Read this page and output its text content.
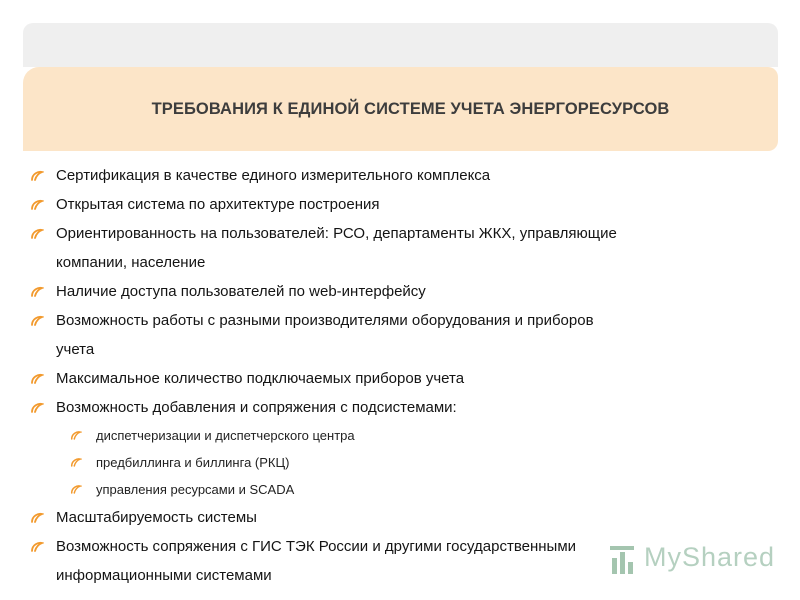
ТРЕБОВАНИЯ К ЕДИНОЙ СИСТЕМЕ УЧЕТА ЭНЕРГОРЕСУРСОВ
Сертификация в качестве единого измерительного комплекса
Открытая система по архитектуре построения
Ориентированность на пользователей: РСО, департаменты ЖКХ, управляющие
компании, население
Наличие доступа пользователей по web-интерфейсу
Возможность работы с разными производителями оборудования и приборов
учета
Максимальное количество подключаемых приборов учета
Возможность добавления и сопряжения с подсистемами:
диспетчеризации и диспетчерского центра
предбиллинга и биллинга (РКЦ)
управления ресурсами и SCADA
Масштабируемость системы
Возможность сопряжения с ГИС ТЭК России и другими государственными
информационными системами
MyShared
